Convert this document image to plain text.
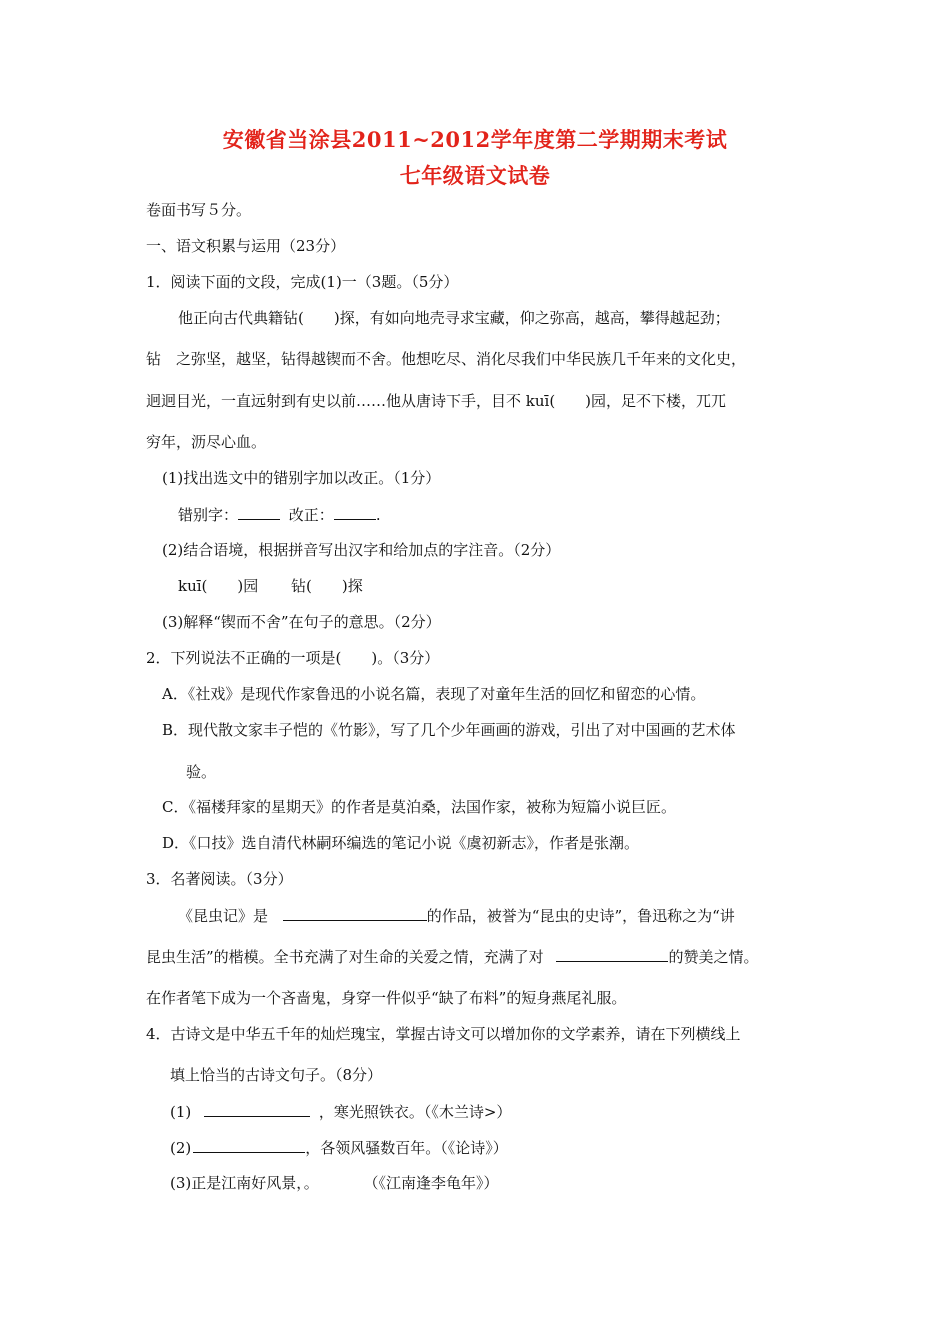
安徽省当涂县2011~2012学年度第二学期期末考试
七年级语文试卷
卷面书写５分。
一、语文积累与运用（23分）
1．阅读下面的文段，完成(1)一（3题。（5分）
他正向古代典籍钻(　　)探，有如向地壳寻求宝藏，仰之弥高，越高，攀得越起劲；
钻　之弥坚，越坚，钻得越锲而不舍。他想吃尽、消化尽我们中华民族几千年来的文化史，
迥迥目光，一直远射到有史以前……他从唐诗下手，目不 kuī(　　)园，足不下楼，兀兀
穷年，沥尽心血。
(1)找出选文中的错别字加以改正。（1分）
错别字：	改正：	.
(2)结合语境，根据拼音写出汉字和给加点的字注音。（2分）
kuī(　　)园 钻(　　)探
(3)解释“锲而不舍”在句子的意思。（2分）
2．下列说法不正确的一项是(　　)。（3分）
A．《社戏》是现代作家鲁迅的小说名篇，表现了对童年生活的回忆和留恋的心情。
B．现代散文家丰子恺的《竹影》，写了几个少年画画的游戏，引出了对中国画的艺术体
验。
C．《福楼拜家的星期天》的作者是莫泊桑，法国作家，被称为短篇小说巨匠。
D．《口技》选自清代林嗣环编选的笔记小说《虞初新志》，作者是张潮。
3．名著阅读。（3分）
《昆虫记》是	的作品，被誉为“昆虫的史诗”，鲁迅称之为“讲
昆虫生活”的楷模。全书充满了对生命的关爱之情，充满了对	的赞美之情。
在作者笔下成为一个吝啬鬼，身穿一件似乎“缺了布料”的短身燕尾礼服。
4．古诗文是中华五千年的灿烂瑰宝，掌握古诗文可以增加你的文学素养，请在下列横线上
填上恰当的古诗文句子。（8分）
(1)	，寒光照铁衣。（《木兰诗>）
(2)	，各领风骚数百年。（《论诗》）
(3)正是江南好风景，。	（《江南逢李龟年》）
